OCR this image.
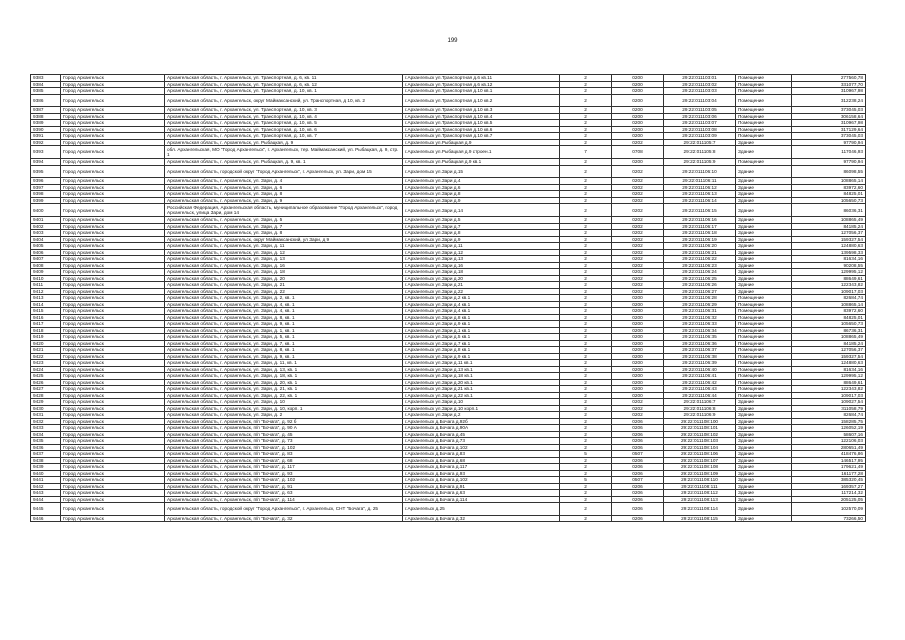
199
9383	Город Архангельск	Архангельская область, г. Архангельск, ул. Транспортная, д. 6, кв. 11	г.Архангельск ул.Транспортная д.6 кв.11	2	0200	29:22:011103:01	Помещение	277560,78
9384	Город Архангельск	Архангельская область, г. Архангельск, ул. Транспортная, д. 6, кв. 12	г.Архангельск ул.Транспортная д.6 кв.12	2	0200	29:22:011103:02	Помещение	331077,70
9385	Город Архангельск	Архангельская область, г. Архангельск, ул. Транспортная, д. 10, кв. 1	г.Архангельск ул.Транспортная д.10 кв.1	2	0200	29:22:011103:03	Помещение	310967,98
9386	Город Архангельск	Архангельская область, г. Архангельск, округ Маймаксанский, ул. Транспортная, д 10, кв. 2	г.Архангельск ул.Транспортная д.10 кв.2	2	0200	29:22:011103:04	Помещение	312238,24
9387	Город Архангельск	Архангельская область, г. Архангельск, ул. Транспортная, д. 10, кв. 3	г.Архангельск ул.Транспортная д.10 кв.3	2	0200	29:22:011103:05	Помещение	373045,03
9388	Город Архангельск	Архангельская область, г. Архангельск, ул. Транспортная, д. 10, кв. 4	г.Архангельск ул.Транспортная д.10 кв.4	2	0200	29:22:011103:06	Помещение	306158,64
9389	Город Архангельск	Архангельская область, г. Архангельск, ул. Транспортная, д. 10, кв. 5	г.Архангельск ул.Транспортная д.10 кв.5	2	0200	29:22:011103:07	Помещение	310967,98
9390	Город Архангельск	Архангельская область, г. Архангельск, ул. Транспортная, д. 10, кв. 6	г.Архангельск ул.Транспортная д.10 кв.6	2	0200	29:22:011103:08	Помещение	317129,64
9391	Город Архангельск	Архангельская область, г. Архангельск, ул. Транспортная, д. 10, кв. 7	г.Архангельск ул.Транспортная д.10 кв.7	2	0200	29:22:011103:09	Помещение	373045,03
9392	Город Архангельск	Архангельская область, г. Архангельск, ул. Рыбацкая, д. 9	г.Архангельск ул.Рыбацкая д.9	2	0202	29:22:011105:7	Здание	97790,94
9393	Город Архангельск	обл. Архангельская, МО "Город Архангельск", г. Архангельск, тер. Маймаксанский, ул. Рыбацкая, д. 9, стр. 1	г.Архангельск ул.Рыбацкая д.9 строен.1	7	0708	29:22:011105:8	Здание	117046,93
9394	Город Архангельск	Архангельская область, г. Архангельск, ул. Рыбацкая, д. 9, кв. 1	г.Архангельск ул.Рыбацкая д.9 кв.1	2	0200	29:22:011105:9	Помещение	97790,94
9395	Город Архангельск	Архангельская область, городской округ "Город Архангельск", г. Архангельск, ул. Зари, дом 15	г.Архангельск ул.Зари д.15	2	0202	29:22:011106:10	Здание	86098,55
9396	Город Архангельск	Архангельская область, г. Архангельск, ул. Зари, д. 4	г.Архангельск ул.Зари д.4	2	0202	29:22:011106:11	Здание	108865,14
9397	Город Архангельск	Архангельская область, г. Архангельск, ул. Зари, д. 6	г.Архангельск ул.Зари д.6	2	0202	29:22:011106:12	Здание	83972,60
9398	Город Архангельск	Архангельская область, г. Архангельск, ул. Зари, д. 8	г.Архангельск ул.Зари д.8	2	0202	29:22:011106:13	Здание	84825,01
9399	Город Архангельск	Архангельская область, г. Архангельск, ул. Зари, д. 9	г.Архангельск ул.Зари д.9	2	0202	29:22:011106:14	Здание	105650,73
9400	Город Архангельск	Российская Федерация, Архангельская область, муниципальное образование "Город Архангельск", город Архангельск, улица Зари, дом 14	г.Архангельск ул.Зари д.14	2	0202	29:22:011106:15	Здание	86036,31
9401	Город Архангельск	Архангельская область, г. Архангельск, ул. Зари, д. 5	г.Архангельск ул.Зари д.5	2	0202	29:22:011106:16	Здание	108865,49
9402	Город Архангельск	Архангельская область, г. Архангельск, ул. Зари, д. 7	г.Архангельск ул.Зари д.7	2	0202	29:22:011106:17	Здание	84185,24
9403	Город Архангельск	Архангельская область, г. Архангельск, ул. Зари, д. 8	г.Архангельск ул.Зари д.8	2	0202	29:22:011106:18	Здание	127056,37
9404	Город Архангельск	Архангельская область, г. Архангельск, округ Маймаксанский, ул Зари, д 9	г.Архангельск ул.Зари д.9	2	0202	29:22:011106:19	Здание	159327,54
9405	Город Архангельск	Архангельская область, г. Архангельск, ул. Зари, д. 11	г.Архангельск ул.Зари д.11	2	0202	29:22:011106:20	Здание	124880,63
9406	Город Архангельск	Архангельская область, г. Архангельск, ул. Зари, д. 12	г.Архангельск ул.Зари д.12	2	0202	29:22:011106:21	Здание	139598,33
9407	Город Архангельск	Архангельская область, г. Архангельск, ул. Зари, д. 13	г.Архангельск ул.Зари д.13	2	0202	29:22:011106:22	Здание	81634,16
9408	Город Архангельск	Архангельская область, г. Архангельск, ул. Зари, д. 16	г.Архангельск ул.Зари д.16	2	0202	29:22:011106:23	Здание	90208,55
9409	Город Архангельск	Архангельская область, г. Архангельск, ул. Зари, д. 18	г.Архангельск ул.Зари д.18	2	0202	29:22:011106:24	Здание	129995,12
9410	Город Архангельск	Архангельская область, г. Архангельск, ул. Зари, д. 20	г.Архангельск ул.Зари д.20	2	0202	29:22:011106:25	Здание	88649,61
9411	Город Архангельск	Архангельская область, г. Архангельск, ул. Зари, д. 21	г.Архангельск ул.Зари д.21	2	0202	29:22:011106:26	Здание	122343,82
9412	Город Архангельск	Архангельская область, г. Архангельск, ул. Зари, д. 22	г.Архангельск ул.Зари д.22	2	0202	29:22:011106:27	Здание	109017,03
9413	Город Архангельск	Архангельская область, г. Архангельск, ул. Зари, д. 2, кв. 1	г.Архангельск ул.Зари д.2 кв.1	2	0200	29:22:011106:28	Помещение	82684,74
9414	Город Архангельск	Архангельская область, г. Архангельск, ул. Зари, д. 4, кв. 1	г.Архангельск ул.Зари д.4 кв.1	2	0200	29:22:011106:29	Помещение	108865,14
9415	Город Архангельск	Архангельская область, г. Архангельск, ул. Зари, д. 4, кв. 1	г.Архангельск ул.Зари д.4 кв.1	2	0200	29:22:011106:31	Помещение	83972,60
9416	Город Архангельск	Архангельская область, г. Архангельск, ул. Зари, д. 8, кв. 1	г.Архангельск ул.Зари д.8 кв.1	2	0200	29:22:011106:32	Помещение	84825,01
9417	Город Архангельск	Архангельская область, г. Архангельск, ул. Зари, д. 9, кв. 1	г.Архангельск ул.Зари д.9 кв.1	2	0200	29:22:011106:33	Помещение	105650,73
9418	Город Архангельск	Архангельская область, г. Архангельск, ул. Зари, д. 1, кв. 1	г.Архангельск ул.Зари д.1 кв.1	2	0200	29:22:011106:34	Помещение	86736,31
9419	Город Архангельск	Архангельская область, г. Архангельск, ул. Зари, д. 5, кв. 1	г.Архангельск ул.Зари д.5 кв.1	2	0200	29:22:011106:35	Помещение	108865,49
9420	Город Архангельск	Архангельская область, г. Архангельск, ул. Зари, д. 7, кв. 1	г.Архангельск ул.Зари д.7 кв.1	2	0200	29:22:011106:36	Помещение	84185,24
9421	Город Архангельск	Архангельская область, г. Архангельск, ул. Зари, д. 8, кв. 1	г.Архангельск ул.Зари д.8 кв.1	2	0200	29:22:011106:37	Помещение	127056,37
9422	Город Архангельск	Архангельская область, г. Архангельск, ул. Зари, д. 9, кв. 1	г.Архангельск ул.Зари д.9 кв.1	2	0200	29:22:011106:38	Помещение	159327,54
9423	Город Архангельск	Архангельская область, г. Архангельск, ул. Зари, д. 11, кв. 1	г.Архангельск ул.Зари д.11 кв.1	2	0200	29:22:011106:39	Помещение	124880,63
9424	Город Архангельск	Архангельская область, г. Архангельск, ул. Зари, д. 13, кв. 1	г.Архангельск ул.Зари д.13 кв.1	2	0200	29:22:011106:40	Помещение	81634,16
9425	Город Архангельск	Архангельская область, г. Архангельск, ул. Зари, д. 18, кв. 1	г.Архангельск ул.Зари д.18 кв.1	2	0200	29:22:011106:41	Помещение	129995,12
9426	Город Архангельск	Архангельская область, г. Архангельск, ул. Зари, д. 20, кв. 1	г.Архангельск ул.Зари д.20 кв.1	2	0200	29:22:011106:42	Помещение	88649,61
9427	Город Архангельск	Архангельская область, г. Архангельск, ул. Зари, д. 21, кв. 1	г.Архангельск ул.Зари д.21 кв.1	2	0200	29:22:011106:43	Помещение	122343,82
9428	Город Архангельск	Архангельская область, г. Архангельск, ул. Зари, д. 22, кв. 1	г.Архангельск ул.Зари д.22 кв.1	2	0200	29:22:011106:44	Помещение	109017,03
9429	Город Архангельск	Архангельская область, г. Архангельск, ул. Зари, д. 10	г.Архангельск ул.Зари д.10	2	0202	29:22:011106:7	Здание	109027,54
9430	Город Архангельск	Архангельская область, г. Архангельск, ул. Зари, д. 10, корп. 1	г.Архангельск ул.Зари д.10 корп.1	2	0202	29:22:011106:8	Здание	311058,79
9431	Город Архангельск	Архангельская область, г. Архангельск, ул. Зари, д. 2	г.Архангельск ул.Зари д.2	2	0202	29:22:011106:9	Здание	82684,74
9432	Город Архангельск	Архангельская область, г. Архангельск, п/п "Бочага", д. 92 б	г.Архангельск д.Бочага д.92б	2	0206	29:22:011108:100	Здание	158285,75
9433	Город Архангельск	Архангельская область, г. Архангельск, п/п "Бочага", д. 90 А	г.Архангельск д.Бочага д.90А	2	0206	29:22:011108:101	Здание	126052,19
9434	Город Архангельск	Архангельская область, г. Архангельск, п/п "Бочага", д. 45	г.Архангельск д.Бочага д.45	2	0206	29:22:011108:102	Здание	58607,16
9435	Город Архангельск	Архангельская область, г. Архангельск, п/п "Бочага", д. 73	г.Архангельск д.Бочага д.73	2	0206	29:22:011108:103	Здание	122106,03
9436	Город Архангельск	Архангельская область, г. Архангельск, п/п "Бочага", д. 102	г.Архангельск д.Бочага д.102	2	0206	29:22:011108:104	Здание	280651,49
9437	Город Архангельск	Архангельская область, г. Архангельск, п/п "Бочага", д. 83	г.Архангельск д.Бочага д.83	5	0507	29:22:011108:106	Здание	418476,86
9438	Город Архангельск	Архангельская область, г. Архангельск, п/п "Бочага", д. 68	г.Архангельск д.Бочага д.68	2	0206	29:22:011108:107	Здание	146517,95
9439	Город Архангельск	Архангельская область, г. Архангельск, п/п "Бочага", д. 117	г.Архангельск д.Бочага д.117	2	0206	29:22:011108:108	Здание	179621,49
9440	Город Архангельск	Архангельская область, г. Архангельск, п/п "Бочага", д. 93	г.Архангельск д.Бочага д.93	2	0206	29:22:011108:109	Здание	161177,28
9441	Город Архангельск	Архангельская область, г. Архангельск, п/п "Бочага", д. 102	г.Архангельск д.Бочага д.102	5	0507	29:22:011108:110	Здание	385320,45
9442	Город Архангельск	Архангельская область, г. Архангельск, п/п "Бочага", д. 91	г.Архангельск д.Бочага д.91	2	0206	29:22:011108:111	Здание	169357,27
9443	Город Архангельск	Архангельская область, г. Архангельск, п/п "Бочага", д. 63	г.Архангельск д.Бочага д.63	2	0206	29:22:011108:112	Здание	117214,32
9444	Город Архангельск	Архангельская область, г. Архангельск, п/п "Бочага", д. 114	г.Архангельск д.Бочага д.114	2	0206	29:22:011108:113	Здание	205125,05
9445	Город Архангельск	Архангельская область, городской округ "Город Архангельск", г. Архангельск, СНТ "Бочага", д. 25	г.Архангельск д.25	2	0206	29:22:011108:114	Здание	102570,09
9446	Город Архангельск	Архангельская область, г. Архангельск, п/п "Бочага", д. 32	г.Архангельск д.Бочага д.32	2	0206	29:22:011108:115	Здание	73266,50
